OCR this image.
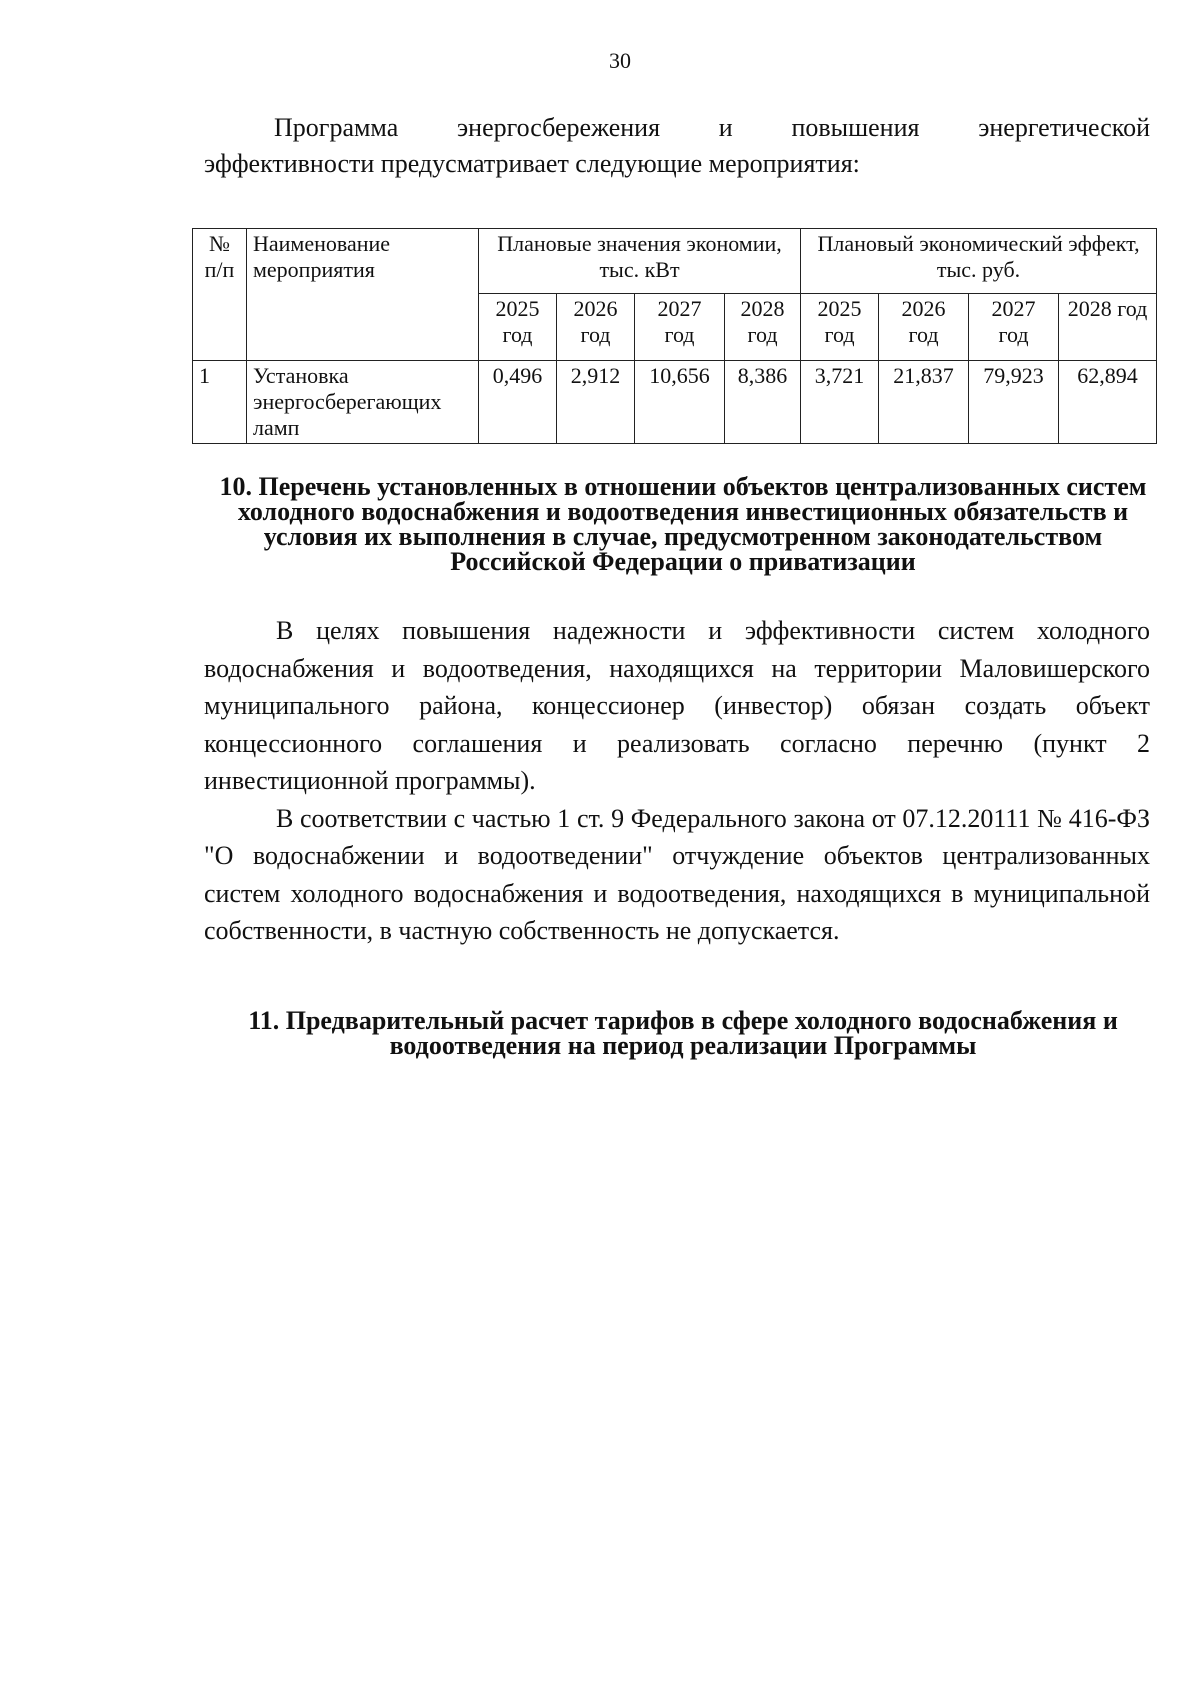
30

Программа энергосбережения и повышения энергетической

эффективности предусматривает следующие мероприятия:

№ п/п	Наименование мероприятия	Плановые значения экономии, тыс. кВт				Плановый экономический эффект, тыс. руб.			
		2025 год	2026 год	2027 год	2028 год	2025 год	2026 год	2027 год	2028 год
1	Установка энергосберегающих ламп	0,496	2,912	10,656	8,386	3,721	21,837	79,923	62,894
10. Перечень установленных в отношении объектов централизованных систем холодного водоснабжения и водоотведения инвестиционных обязательств и условия их выполнения в случае, предусмотренном законодательством Российской Федерации о приватизации

В целях повышения надежности и эффективности систем холодного водоснабжения и водоотведения, находящихся на территории Маловишерского муниципального района, концессионер (инвестор) обязан создать объект концессионного соглашения и реализовать согласно перечню (пункт 2 инвестиционной программы).

В соответствии с частью 1 ст. 9 Федерального закона от 07.12.20111 № 416-ФЗ "О водоснабжении и водоотведении" отчуждение объектов централизованных систем холодного водоснабжения и водоотведения, находящихся в муниципальной собственности, в частную собственность не допускается.

11. Предварительный расчет тарифов в сфере холодного водоснабжения и водоотведения на период реализации Программы
